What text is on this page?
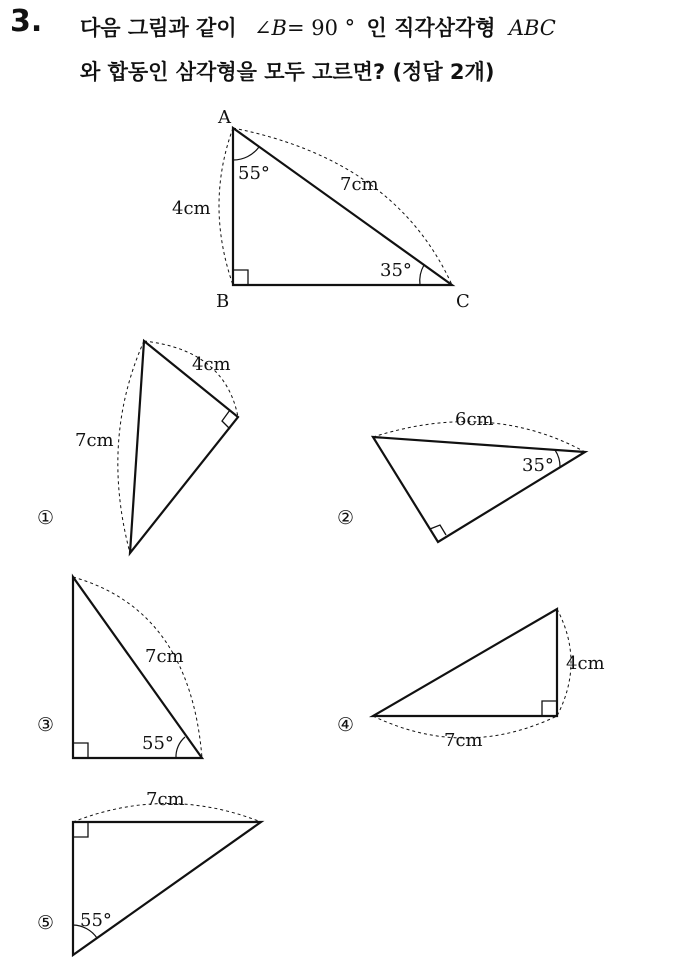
3. 다음 그림과 같이 ∠B= 90 ° 인 직각삼각형 ABC
와 합동인 삼각형을 모두 고르면? (정답 2개)
A
B	C
55°
35°
4cm
7cm
4cm
7cm
①
6cm
35°
②
7cm
55°
③
4cm
7cm
④
7cm
55°
⑤
